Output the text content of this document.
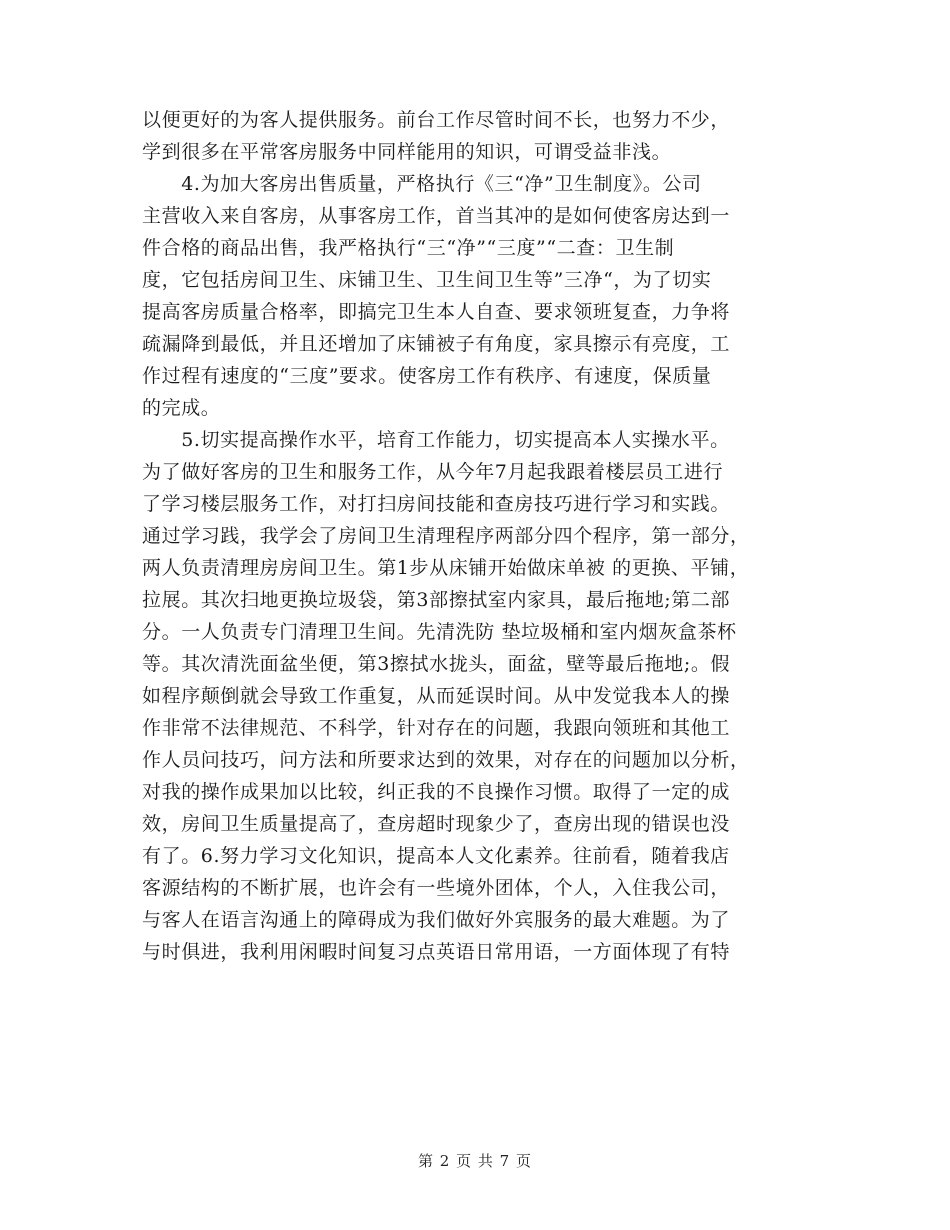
以便更好的为客人提供服务。前台工作尽管时间不长，也努力不少，
学到很多在平常客房服务中同样能用的知识，可谓受益非浅。
　　4.为加大客房出售质量，严格执行《三“净”卫生制度》。公司
主营收入来自客房，从事客房工作，首当其冲的是如何使客房达到一
件合格的商品出售，我严格执行“三“净”“三度”“二查：卫生制
度，它包括房间卫生、床铺卫生、卫生间卫生等”三净“，为了切实
提高客房质量合格率，即搞完卫生本人自查、要求领班复查，力争将
疏漏降到最低，并且还增加了床铺被子有角度，家具擦示有亮度，工
作过程有速度的“三度”要求。使客房工作有秩序、有速度，保质量
的完成。
　　5.切实提高操作水平，培育工作能力，切实提高本人实操水平。
为了做好客房的卫生和服务工作，从今年7月起我跟着楼层员工进行
了学习楼层服务工作，对打扫房间技能和查房技巧进行学习和实践。
通过学习践，我学会了房间卫生清理程序两部分四个程序，第一部分，
两人负责清理房房间卫生。第1步从床铺开始做床单被 的更换、平铺，
拉展。其次扫地更换垃圾袋，第3部擦拭室内家具，最后拖地;第二部
分。一人负责专门清理卫生间。先清洗防 垫垃圾桶和室内烟灰盒茶杯
等。其次清洗面盆坐便，第3擦拭水拢头，面盆，壁等最后拖地;。假
如程序颠倒就会导致工作重复，从而延误时间。从中发觉我本人的操
作非常不法律规范、不科学，针对存在的问题，我跟向领班和其他工
作人员问技巧，问方法和所要求达到的效果，对存在的问题加以分析，
对我的操作成果加以比较，纠正我的不良操作习惯。取得了一定的成
效，房间卫生质量提高了，查房超时现象少了，查房出现的错误也没
有了。6.努力学习文化知识，提高本人文化素养。往前看，随着我店
客源结构的不断扩展，也许会有一些境外团体，个人，入住我公司，
与客人在语言沟通上的障碍成为我们做好外宾服务的最大难题。为了
与时俱进，我利用闲暇时间复习点英语日常用语，一方面体现了有特
第 2 页 共 7 页
